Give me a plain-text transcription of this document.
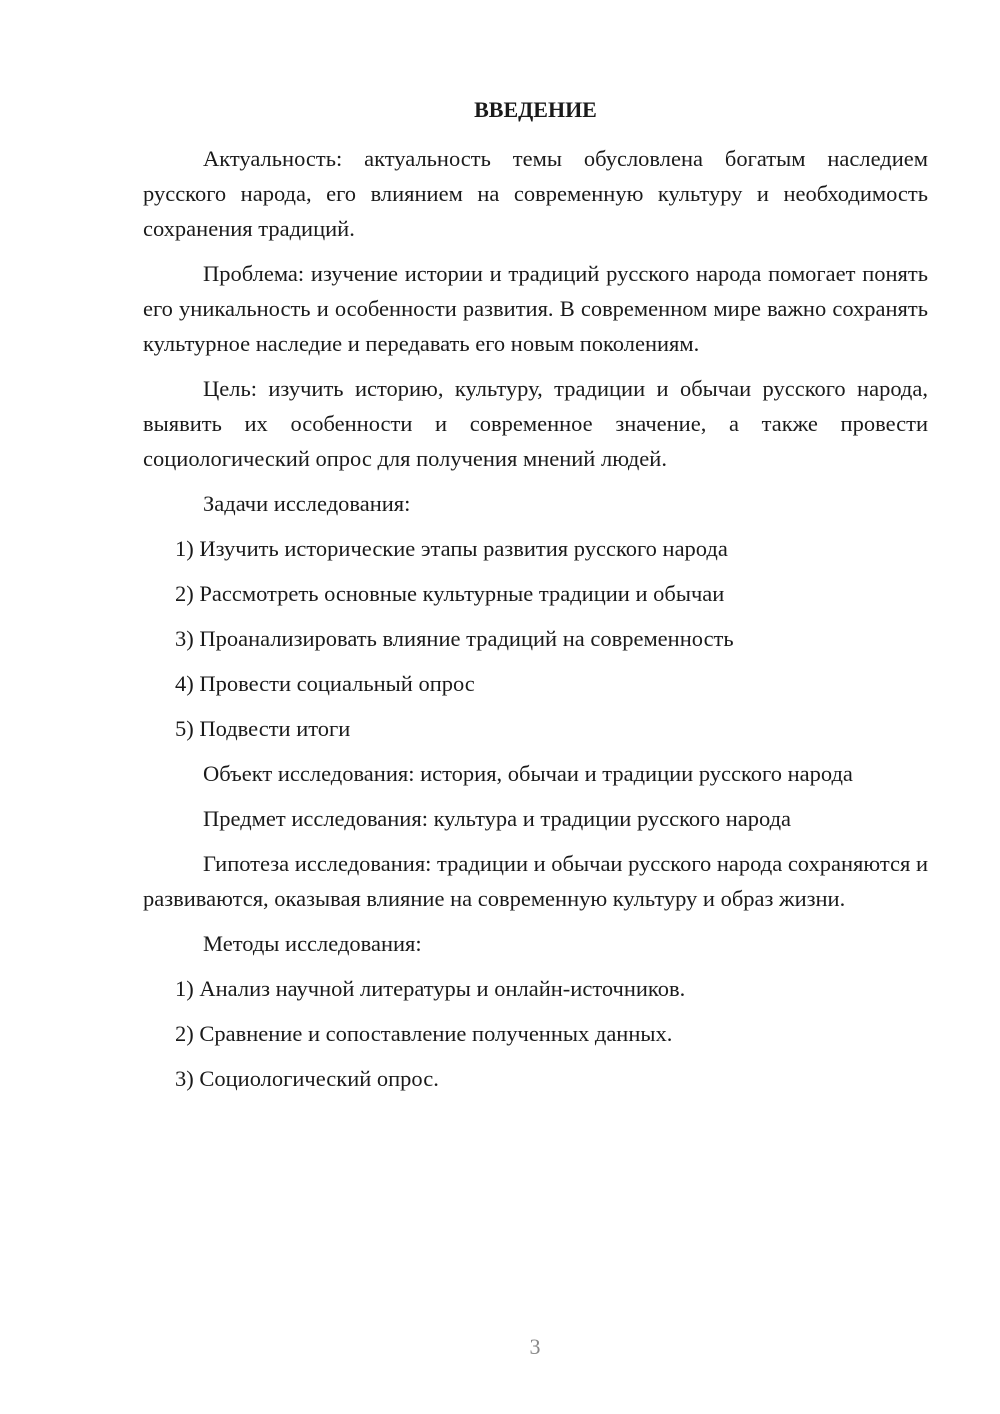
ВВЕДЕНИЕ

Актуальность: актуальность темы обусловлена богатым наследием русского народа, его влиянием на современную культуру и необходимость сохранения традиций.

Проблема: изучение истории и традиций русского народа помогает понять его уникальность и особенности развития. В современном мире важно сохранять культурное наследие и передавать его новым поколениям.

Цель: изучить историю, культуру, традиции и обычаи русского народа, выявить их особенности и современное значение, а также провести социологический опрос для получения мнений людей.

Задачи исследования:

1) Изучить исторические этапы развития русского народа
2) Рассмотреть основные культурные традиции и обычаи
3) Проанализировать влияние традиций на современность
4) Провести социальный опрос
5) Подвести итоги

Объект исследования: история, обычаи и традиции русского народа

Предмет исследования: культура и традиции русского народа

Гипотеза исследования: традиции и обычаи русского народа сохраняются и развиваются, оказывая влияние на современную культуру и образ жизни.

Методы исследования:

1) Анализ научной литературы и онлайн-источников.
2) Сравнение и сопоставление полученных данных.
3) Социологический опрос.
3
